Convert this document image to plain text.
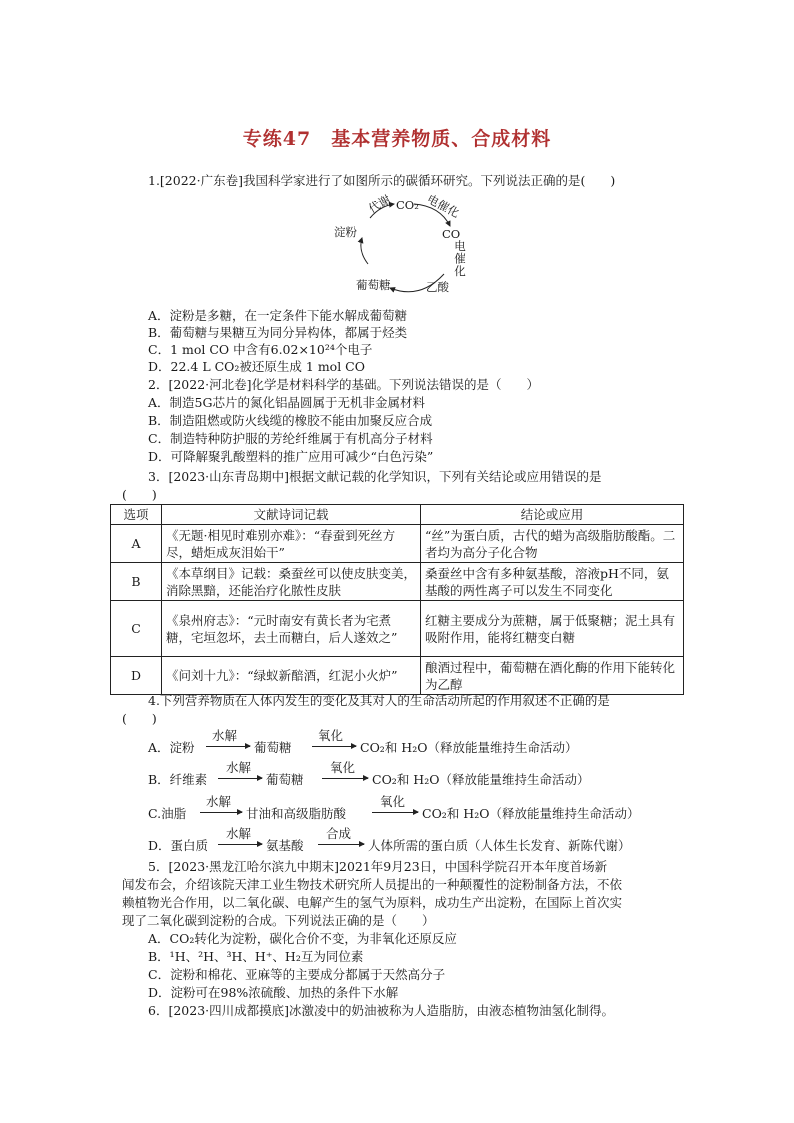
专练47　基本营养物质、合成材料
1.[2022·广东卷]我国科学家进行了如图所示的碳循环研究。下列说法正确的是(　　)
CO₂ 电催化
代谢
CO
电催化
淀粉
葡萄糖	乙酸
A．淀粉是多糖，在一定条件下能水解成葡萄糖
B．葡萄糖与果糖互为同分异构体，都属于烃类
C．1 mol CO 中含有6.02×10²⁴个电子
D．22.4 L CO₂被还原生成 1 mol CO
2．[2022·河北卷]化学是材料科学的基础。下列说法错误的是（　　）
A．制造5G芯片的氮化铝晶圆属于无机非金属材料
B．制造阻燃或防火线缆的橡胶不能由加聚反应合成
C．制造特种防护服的芳纶纤维属于有机高分子材料
D．可降解聚乳酸塑料的推广应用可减少“白色污染”
3．[2023·山东青岛期中]根据文献记载的化学知识，下列有关结论或应用错误的是
(　　)
选项	文献诗词记载	结论或应用
A	《无题·相见时难别亦难》：“春蚕到死丝方尽，蜡炬成灰泪始干”	“丝”为蛋白质，古代的蜡为高级脂肪酸酯。二者均为高分子化合物
B	《本草纲目》记载：桑蚕丝可以使皮肤变美，消除黑黯，还能治疗化脓性皮肤	桑蚕丝中含有多种氨基酸，溶液pH不同，氨基酸的两性离子可以发生不同变化
C	《泉州府志》：“元时南安有黄长者为宅煮糖，宅垣忽坏，去土而糖白，后人遂效之”	红糖主要成分为蔗糖，属于低聚糖；泥土具有吸附作用，能将红糖变白糖
D	《问刘十九》：“绿蚁新醅酒，红泥小火炉”	酿酒过程中，葡萄糖在酒化酶的作用下能转化为乙醇
4.下列营养物质在人体内发生的变化及其对人的生命活动所起的作用叙述不正确的是
(　　)
A．淀粉
水解
葡萄糖
氧化
CO₂和 H₂O（释放能量维持生命活动）
B．纤维素
水解
葡萄糖
氧化
CO₂和 H₂O（释放能量维持生命活动）
C.油脂
水解
甘油和高级脂肪酸
氧化
CO₂和 H₂O（释放能量维持生命活动）
D．蛋白质
水解
氨基酸
合成
人体所需的蛋白质（人体生长发育、新陈代谢）
5．[2023·黑龙江哈尔滨九中期末]2021年9月23日，中国科学院召开本年度首场新
闻发布会，介绍该院天津工业生物技术研究所人员提出的一种颠覆性的淀粉制备方法，不依
赖植物光合作用，以二氧化碳、电解产生的氢气为原料，成功生产出淀粉，在国际上首次实
现了二氧化碳到淀粉的合成。下列说法正确的是（　　）
A．CO₂转化为淀粉，碳化合价不变，为非氧化还原反应
B．¹H、²H、³H、H⁺、H₂互为同位素
C．淀粉和棉花、亚麻等的主要成分都属于天然高分子
D．淀粉可在98%浓硫酸、加热的条件下水解
6．[2023·四川成都摸底]冰激凌中的奶油被称为人造脂肪，由液态植物油氢化制得。
